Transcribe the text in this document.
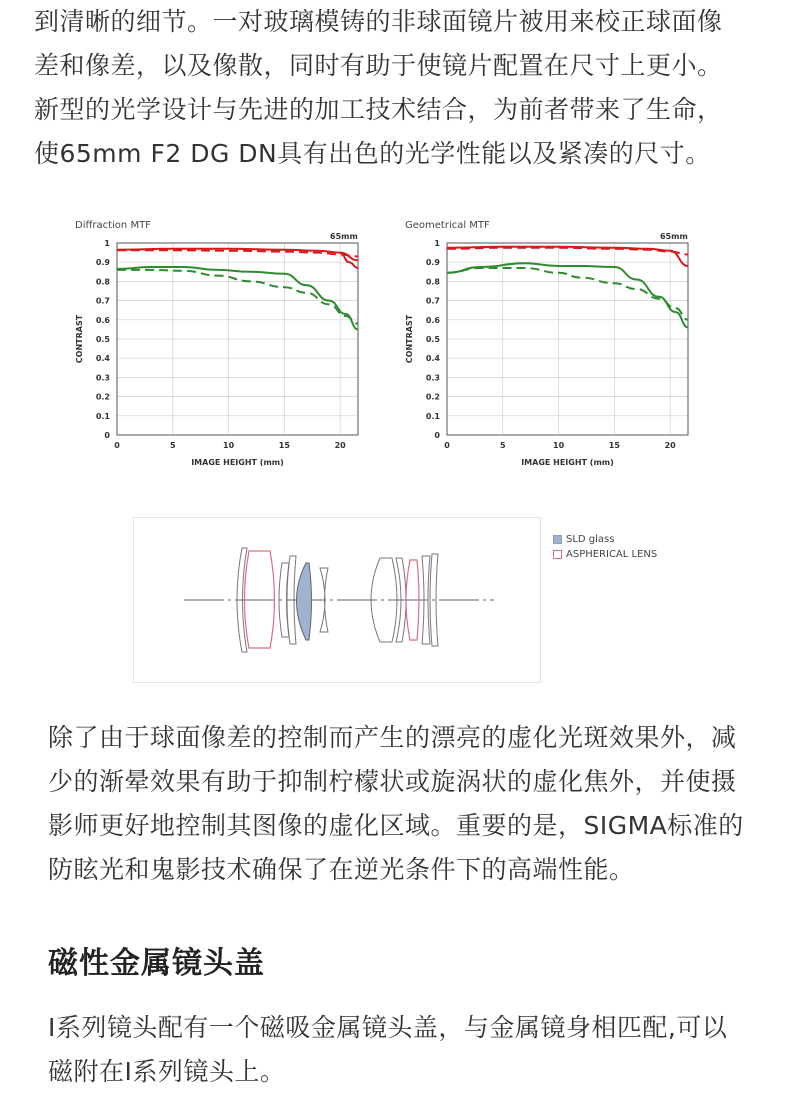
到清晰的细节。一对玻璃模铸的非球面镜片被用来校正球面像
差和像差，以及像散，同时有助于使镜片配置在尺寸上更小。
新型的光学设计与先进的加工技术结合，为前者带来了生命，
使65mm F2 DG DN具有出色的光学性能以及紧凑的尺寸。

Diffraction MTF
65mm
0
0.1
0.2
0.3
0.4
0.5
0.6
0.7
0.8
0.9
1
0	5	10	15	20
IMAGE HEIGHT (mm)
CONTRAST
Geometrical MTF
65mm
0
0.1
0.2
0.3
0.4
0.5
0.6
0.7
0.8
0.9
1
0	5	10	15	20
IMAGE HEIGHT (mm)
CONTRAST
SLD glass
ASPHERICAL LENS

除了由于球面像差的控制而产生的漂亮的虚化光斑效果外，减
少的渐晕效果有助于抑制柠檬状或旋涡状的虚化焦外，并使摄
影师更好地控制其图像的虚化区域。重要的是，SIGMA标准的
防眩光和鬼影技术确保了在逆光条件下的高端性能。

磁性金属镜头盖

I系列镜头配有一个磁吸金属镜头盖，与金属镜身相匹配,可以
磁附在I系列镜头上。
